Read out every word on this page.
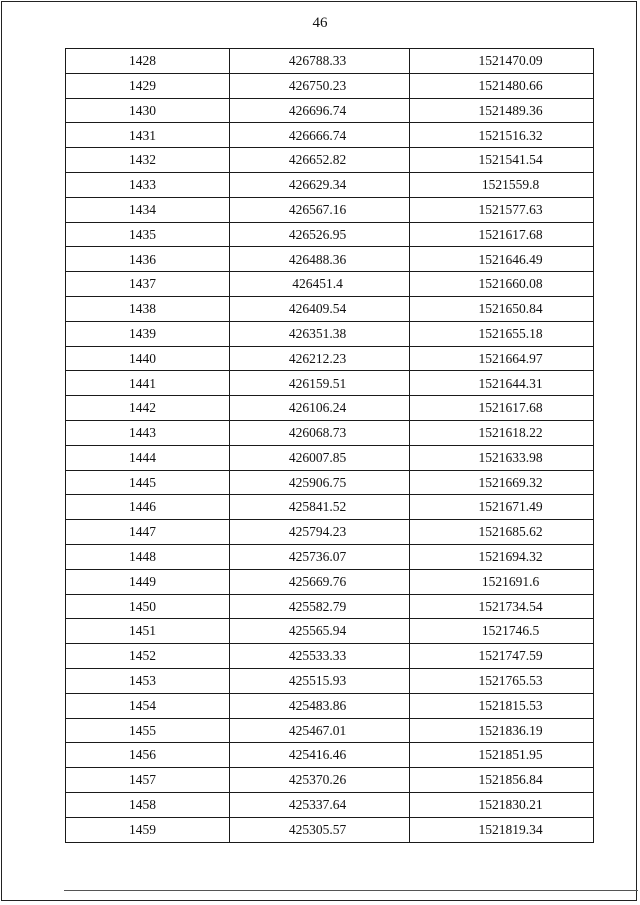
46
1428	426788.33	1521470.09
1429	426750.23	1521480.66
1430	426696.74	1521489.36
1431	426666.74	1521516.32
1432	426652.82	1521541.54
1433	426629.34	1521559.8
1434	426567.16	1521577.63
1435	426526.95	1521617.68
1436	426488.36	1521646.49
1437	426451.4	1521660.08
1438	426409.54	1521650.84
1439	426351.38	1521655.18
1440	426212.23	1521664.97
1441	426159.51	1521644.31
1442	426106.24	1521617.68
1443	426068.73	1521618.22
1444	426007.85	1521633.98
1445	425906.75	1521669.32
1446	425841.52	1521671.49
1447	425794.23	1521685.62
1448	425736.07	1521694.32
1449	425669.76	1521691.6
1450	425582.79	1521734.54
1451	425565.94	1521746.5
1452	425533.33	1521747.59
1453	425515.93	1521765.53
1454	425483.86	1521815.53
1455	425467.01	1521836.19
1456	425416.46	1521851.95
1457	425370.26	1521856.84
1458	425337.64	1521830.21
1459	425305.57	1521819.34
